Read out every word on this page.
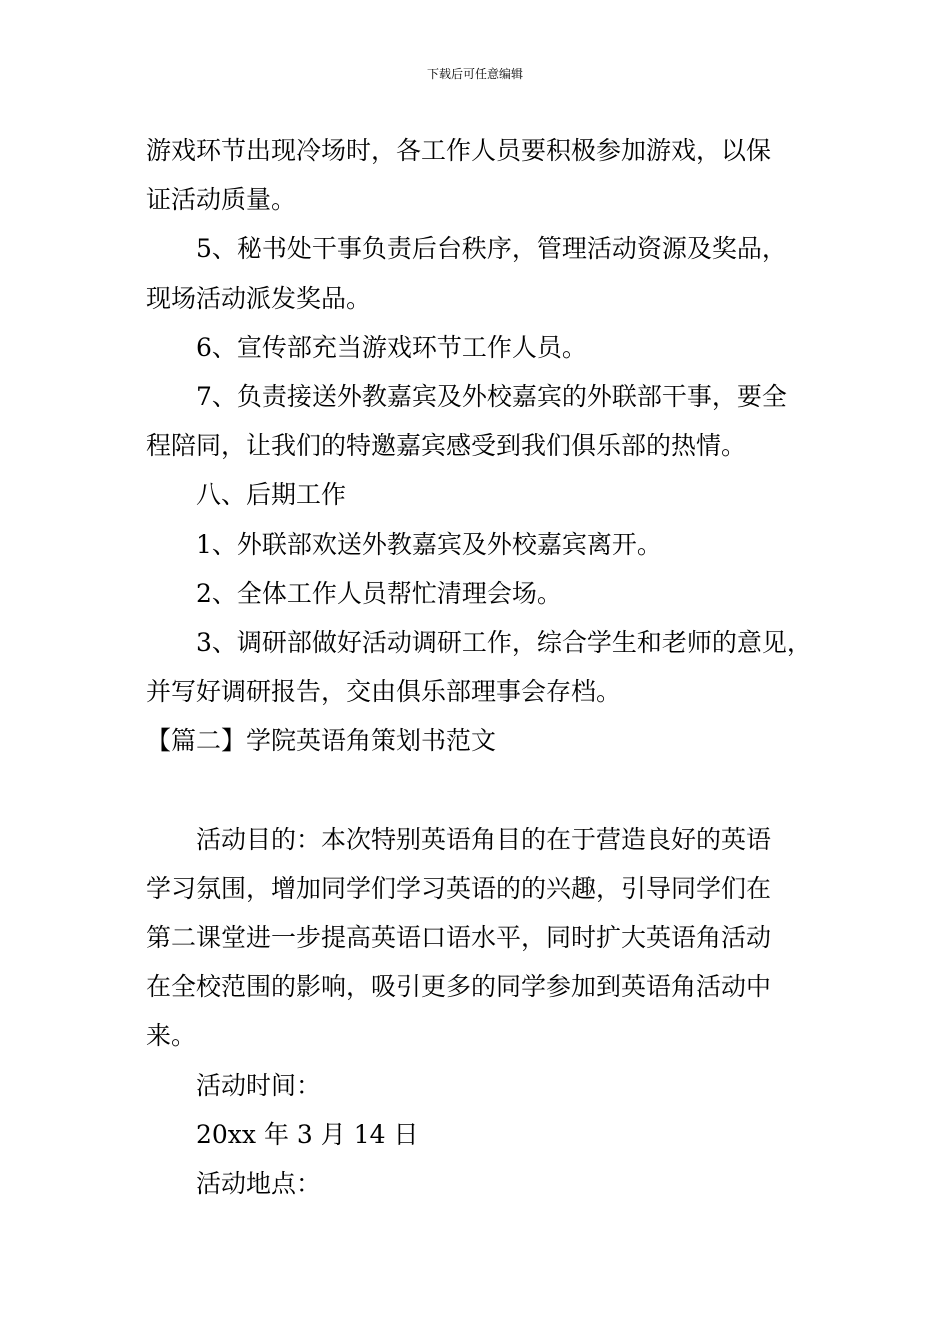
下载后可任意编辑

游戏环节出现冷场时，各工作人员要积极参加游戏，以保

证活动质量。

5、秘书处干事负责后台秩序，管理活动资源及奖品，

现场活动派发奖品。

6、宣传部充当游戏环节工作人员。

7、负责接送外教嘉宾及外校嘉宾的外联部干事，要全

程陪同，让我们的特邀嘉宾感受到我们俱乐部的热情。

八、后期工作

1、外联部欢送外教嘉宾及外校嘉宾离开。

2、全体工作人员帮忙清理会场。

3、调研部做好活动调研工作，综合学生和老师的意见，

并写好调研报告，交由俱乐部理事会存档。

【篇二】学院英语角策划书范文

活动目的：本次特别英语角目的在于营造良好的英语

学习氛围，增加同学们学习英语的的兴趣，引导同学们在

第二课堂进一步提高英语口语水平，同时扩大英语角活动

在全校范围的影响，吸引更多的同学参加到英语角活动中

来。

活动时间：

20xx 年 3 月 14 日

活动地点：
